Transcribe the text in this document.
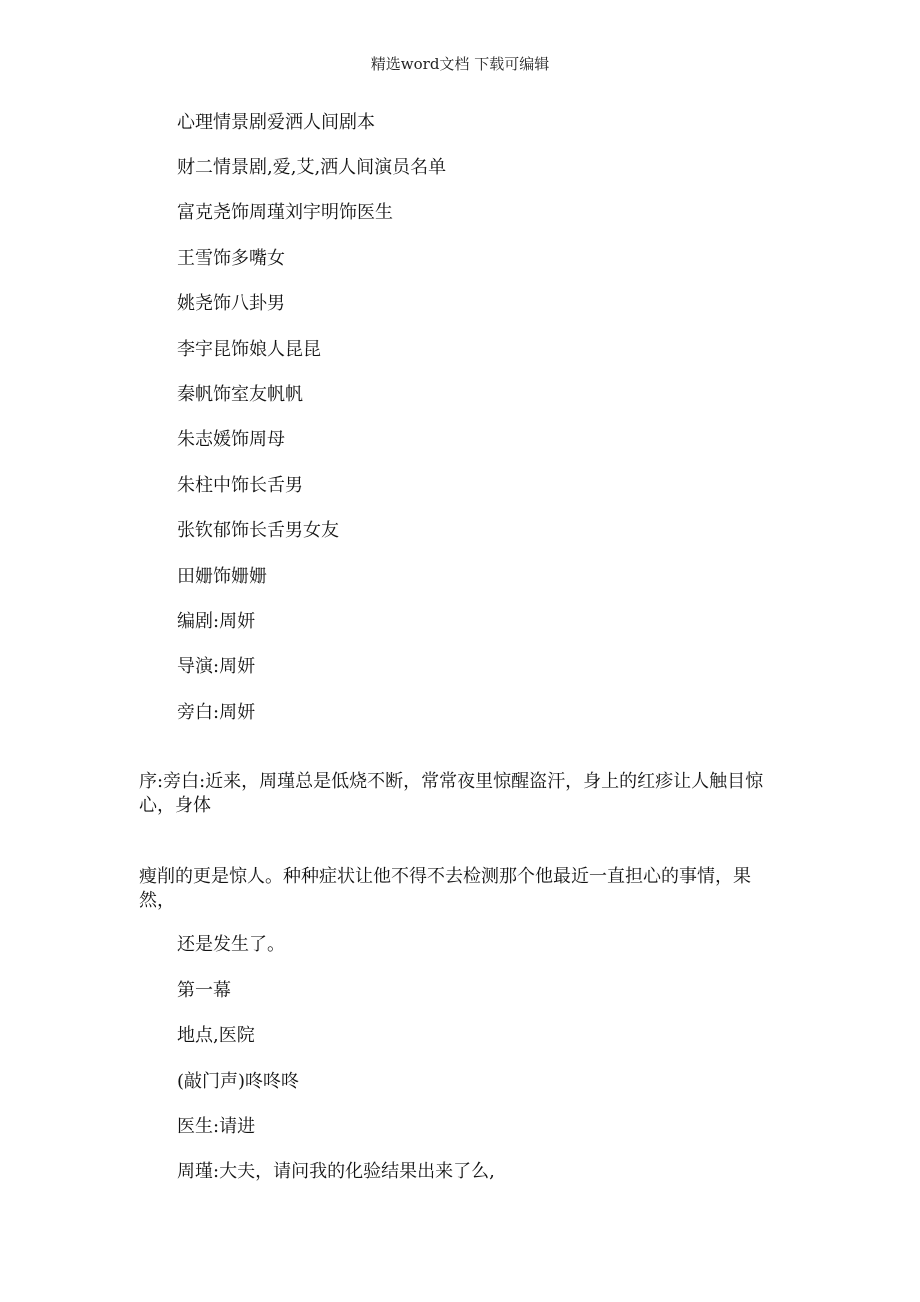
精选word文档 下载可编辑
心理情景剧爱洒人间剧本
财二情景剧,爱,艾,洒人间演员名单
富克尧饰周瑾刘宇明饰医生
王雪饰多嘴女
姚尧饰八卦男
李宇昆饰娘人昆昆
秦帆饰室友帆帆
朱志媛饰周母
朱柱中饰长舌男
张钦郁饰长舌男女友
田姗饰姗姗
编剧:周妍
导演:周妍
旁白:周妍
序:旁白:近来，周瑾总是低烧不断，常常夜里惊醒盗汗，身上的红疹让人触目惊
心，身体
瘦削的更是惊人。种种症状让他不得不去检测那个他最近一直担心的事情，果
然，
还是发生了。
第一幕
地点,医院
(敲门声)咚咚咚
医生:请进
周瑾:大夫，请问我的化验结果出来了么,
